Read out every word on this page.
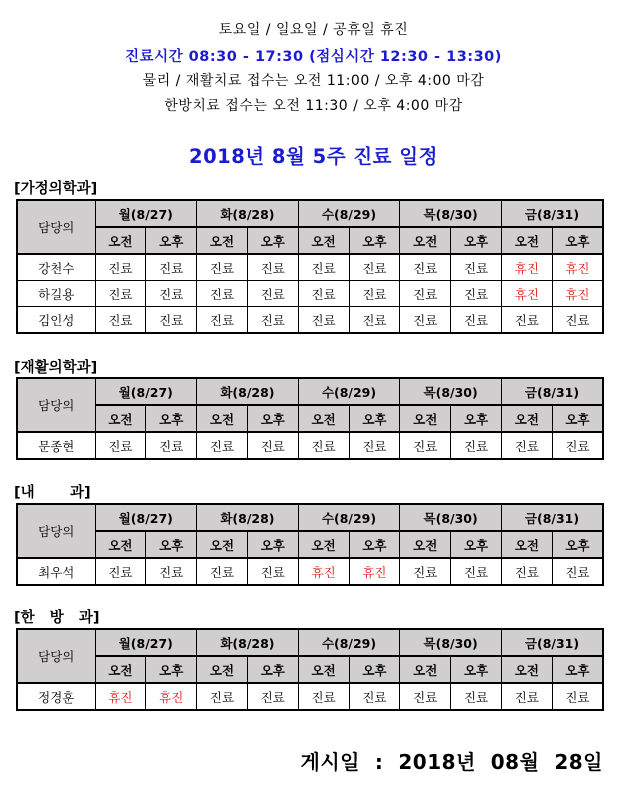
토요일 / 일요일 / 공휴일 휴진
진료시간 08:30 - 17:30 (점심시간 12:30 - 13:30)
물리 / 재활치료 접수는 오전 11:00 / 오후 4:00 마감
한방치료 접수는 오전 11:30 / 오후 4:00 마감
2018년 8월 5주 진료 일정
[가정의학과]
담당의	월(8/27)		화(8/28)		수(8/29)		목(8/30)		금(8/31)	
	오전	오후	오전	오후	오전	오후	오전	오후	오전	오후
강천수	진료	진료	진료	진료	진료	진료	진료	진료	휴진	휴진
하길용	진료	진료	진료	진료	진료	진료	진료	진료	휴진	휴진
김인성	진료	진료	진료	진료	진료	진료	진료	진료	진료	진료
[재활의학과]
담당의	월(8/27)		화(8/28)		수(8/29)		목(8/30)		금(8/31)	
	오전	오후	오전	오후	오전	오후	오전	오후	오전	오후
문종현	진료	진료	진료	진료	진료	진료	진료	진료	진료	진료
[내       과]
담당의	월(8/27)		화(8/28)		수(8/29)		목(8/30)		금(8/31)	
	오전	오후	오전	오후	오전	오후	오전	오후	오전	오후
최우석	진료	진료	진료	진료	휴진	휴진	진료	진료	진료	진료
[한   방   과]
담당의	월(8/27)		화(8/28)		수(8/29)		목(8/30)		금(8/31)	
	오전	오후	오전	오후	오전	오후	오전	오후	오전	오후
정경훈	휴진	휴진	진료	진료	진료	진료	진료	진료	진료	진료
게시일  :  2018년  08월  28일
